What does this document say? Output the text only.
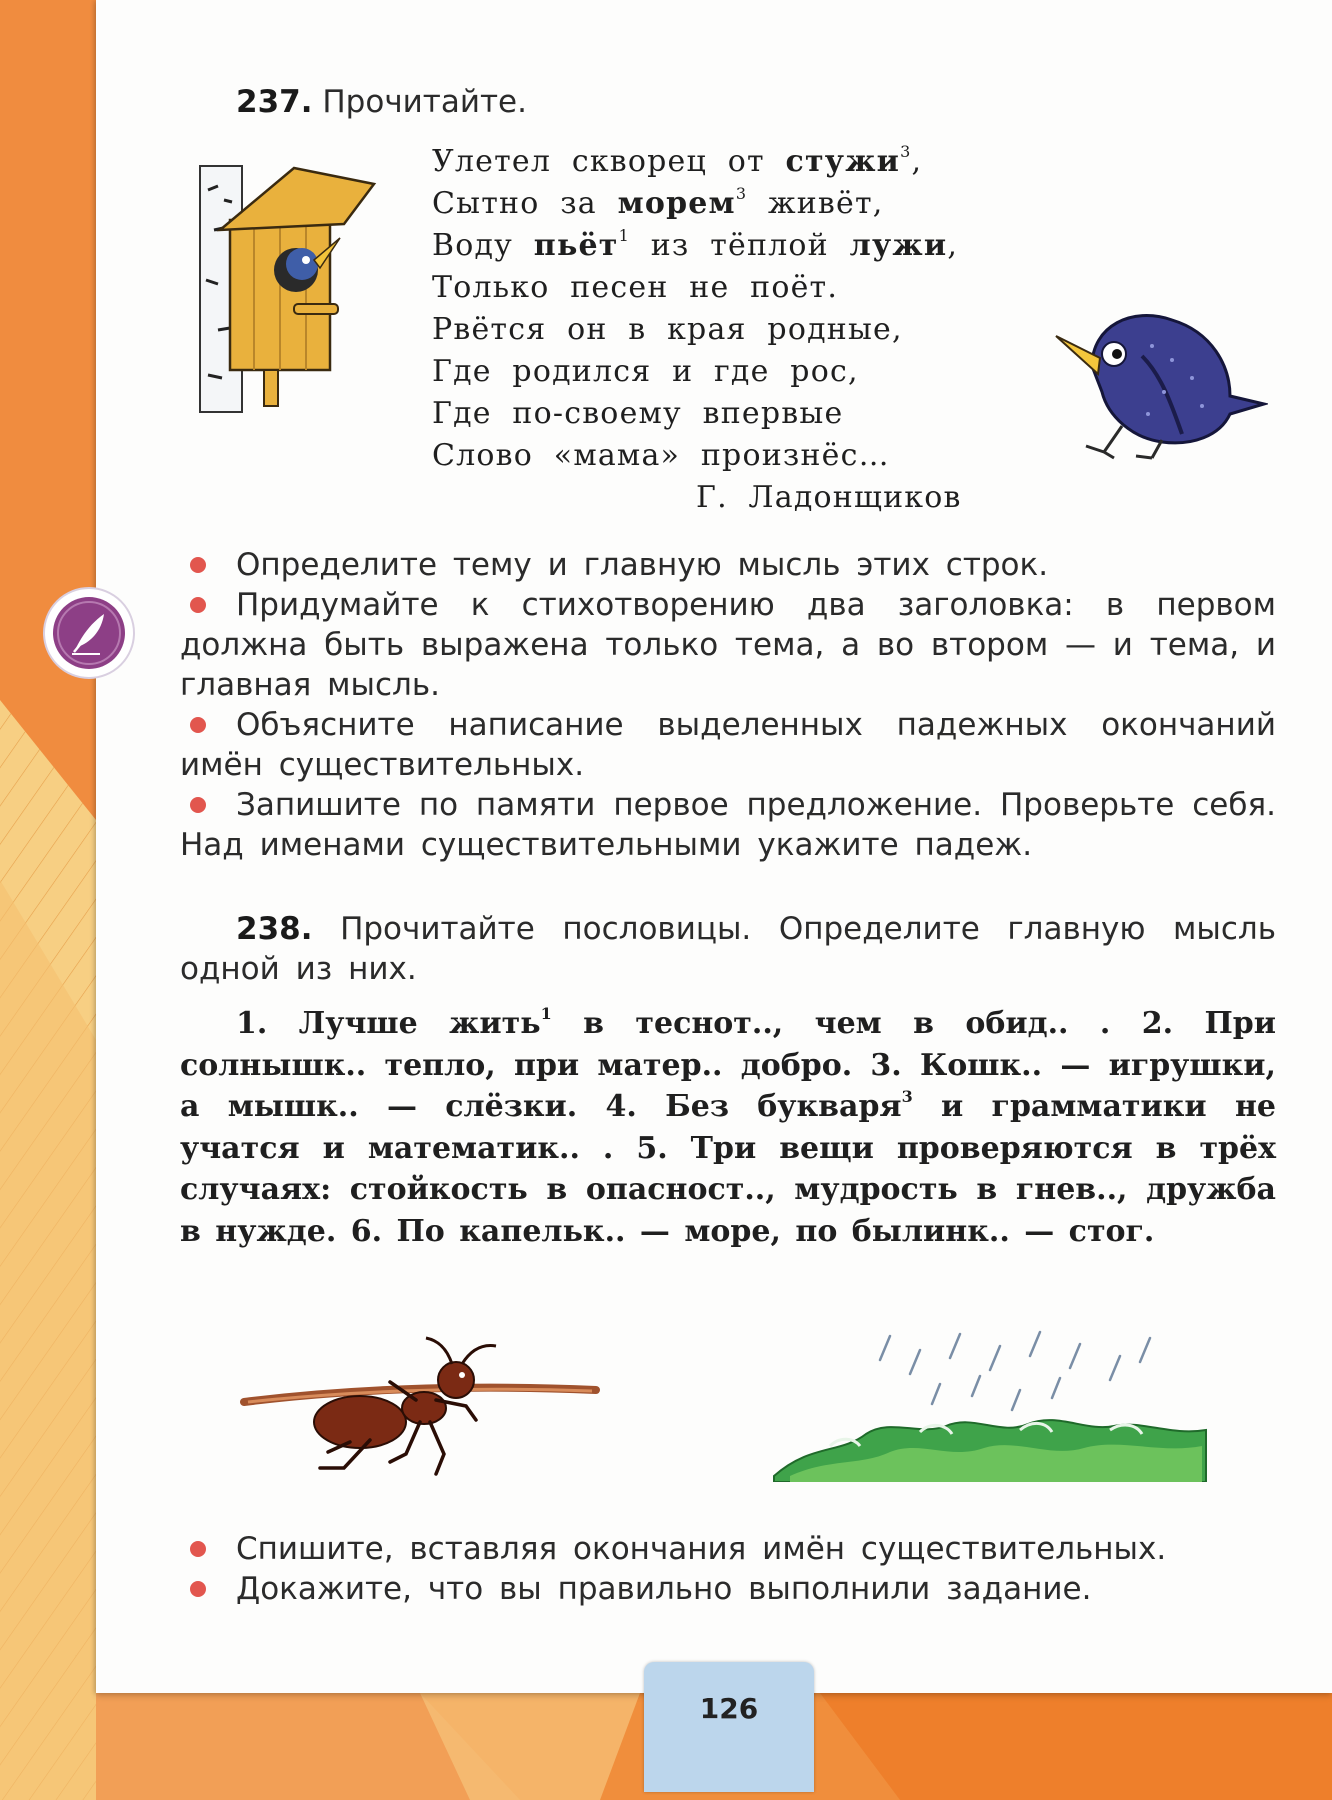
237. Прочитайте.
Улетел скворец от стужи$^3$,
Сытно за морем$^3$ живёт,
Воду пьёт$^1$ из тёплой лужи,
Только песен не поёт.
Рвётся он в края родные,
Где родился и где рос,
Где по-своему впервые
Слово «мама» произнёс…
Г. Ладонщиков

Определите тему и главную мысль этих строк.

Придумайте к стихотворению два заголовка: в первом должна быть выражена только тема, а во втором — и тема, и главная мысль.

Объясните написание выделенных падежных окончаний имён существительных.

Запишите по памяти первое предложение. Проверьте себя. Над именами существительными укажите падеж.

238. Прочитайте пословицы. Определите главную мысль одной из них.
1. Лучше жить$^1$ в теснот.., чем в обид.. . 2. При солнышк.. тепло, при матер.. добро. 3. Кошк.. — игрушки, а мышк.. — слёзки. 4. Без букваря$^3$ и грамматики не учатся и математик.. . 5. Три вещи проверяются в трёх случаях: стойкость в опасност.., мудрость в гнев.., дружба в нужде. 6. По капельк.. — море, по былинк.. — стог.

Спишите, вставляя окончания имён существительных.

Докажите, что вы правильно выполнили задание.

126
